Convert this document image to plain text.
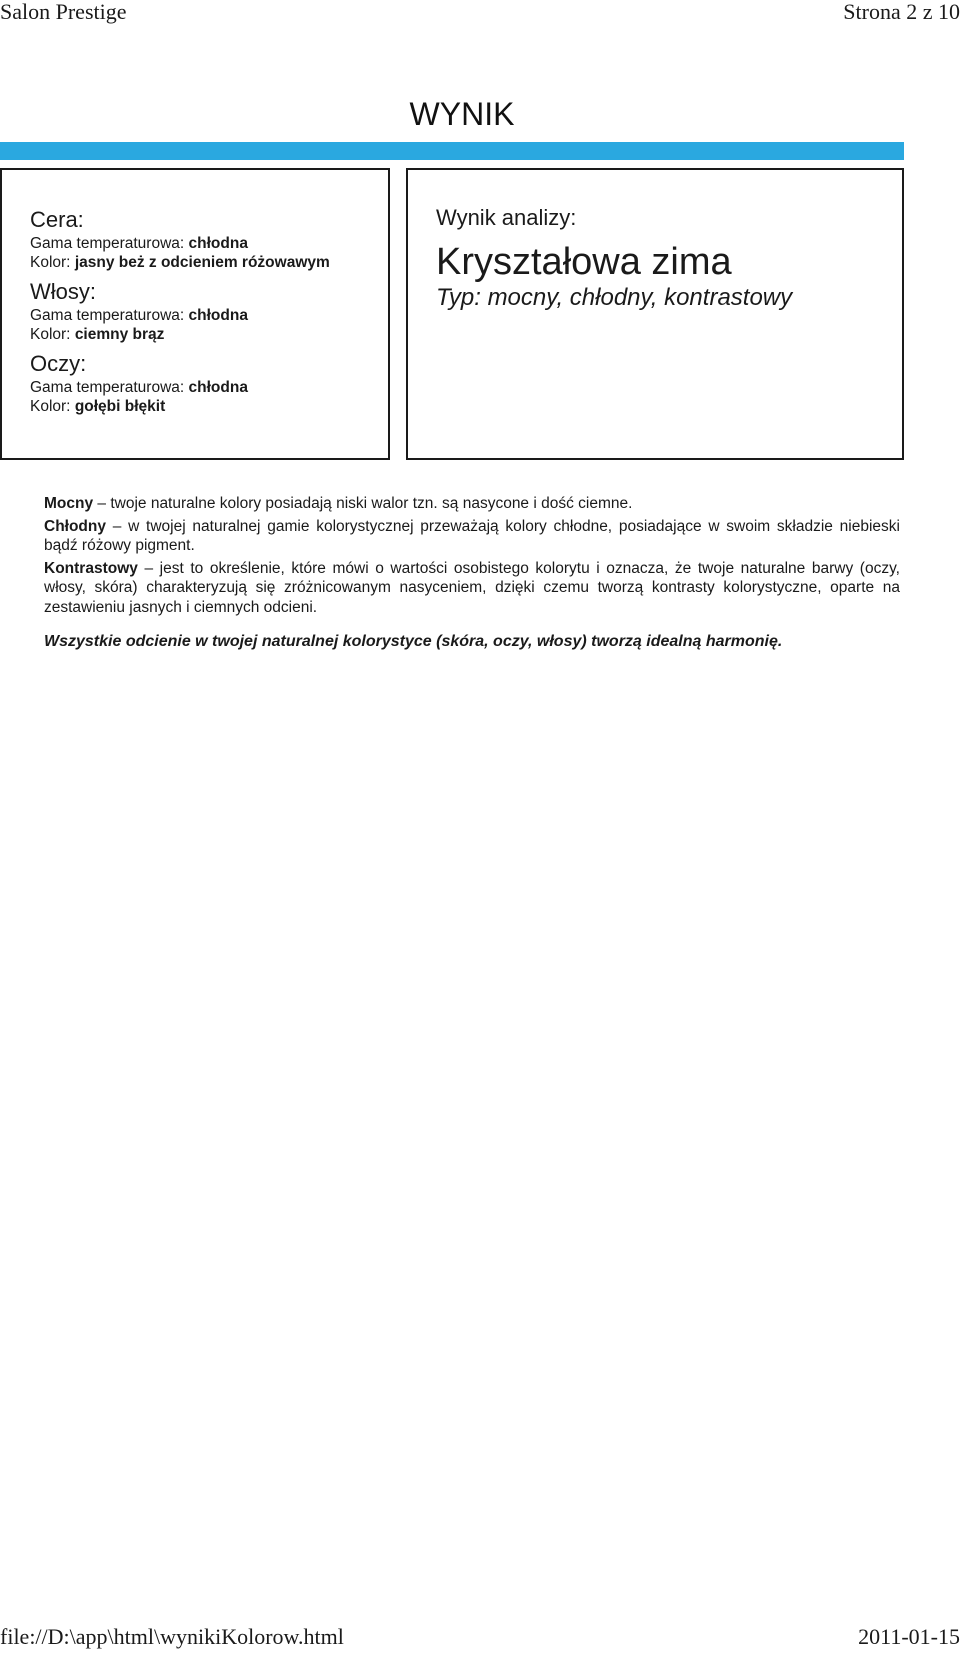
Salon Prestige	Strona 2 z 10
WYNIK
Cera:
Gama temperaturowa: chłodna
Kolor: jasny beż z odcieniem różowawym
Włosy:
Gama temperaturowa: chłodna
Kolor: ciemny brąz
Oczy:
Gama temperaturowa: chłodna
Kolor: gołębi błękit
Wynik analizy:
Kryształowa zima
Typ: mocny, chłodny, kontrastowy

Mocny – twoje naturalne kolory posiadają niski walor tzn. są nasycone i dość ciemne.

Chłodny – w twojej naturalnej gamie kolorystycznej przeważają kolory chłodne, posiadające w swoim składzie niebieski bądź różowy pigment.

Kontrastowy – jest to określenie, które mówi o wartości osobistego kolorytu i oznacza, że twoje naturalne barwy (oczy, włosy, skóra) charakteryzują się zróżnicowanym nasyceniem, dzięki czemu tworzą kontrasty kolorystyczne, oparte na zestawieniu jasnych i ciemnych odcieni.

Wszystkie odcienie w twojej naturalnej kolorystyce (skóra, oczy, włosy) tworzą idealną harmonię.

file://D:\app\html\wynikiKolorow.html	2011-01-15
